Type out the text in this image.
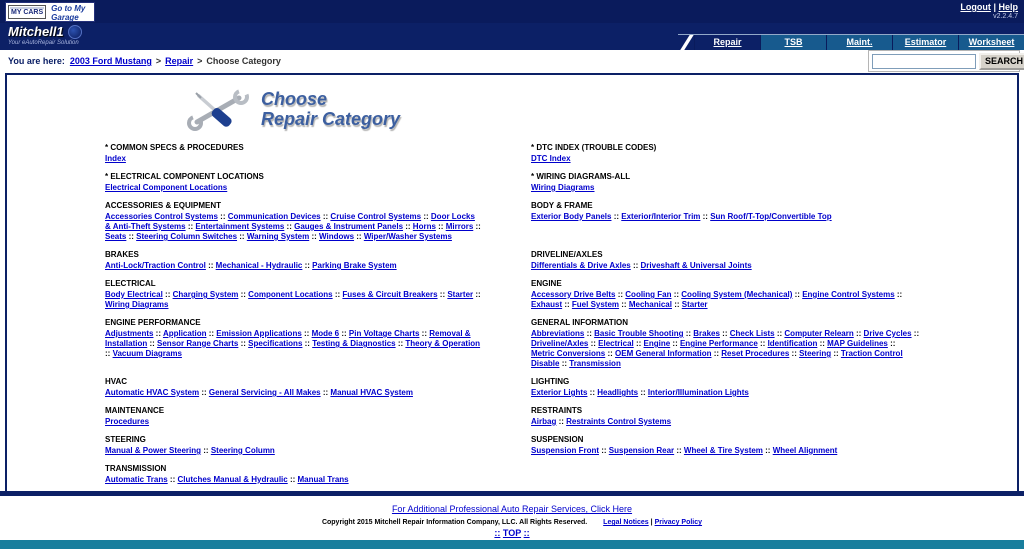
MY CARS	Go to My Garage
Logout | Help
v2.2.4.7
Mitchell1
Your eAutoRepair Solution	Repair	TSB	Maint.	Estimator	Worksheet
You are here: 2003 Ford Mustang > Repair > Choose Category	SEARCH
Choose
Repair Category
* COMMON SPECS & PROCEDURES
Index
* DTC INDEX (TROUBLE CODES)
DTC Index
* ELECTRICAL COMPONENT LOCATIONS
Electrical Component Locations
* WIRING DIAGRAMS-ALL
Wiring Diagrams
ACCESSORIES & EQUIPMENT
Accessories Control Systems :: Communication Devices :: Cruise Control Systems :: Door Locks & Anti-Theft Systems :: Entertainment Systems :: Gauges & Instrument Panels :: Horns :: Mirrors :: Seats :: Steering Column Switches :: Warning System :: Windows :: Wiper/Washer Systems
BODY & FRAME
Exterior Body Panels :: Exterior/Interior Trim :: Sun Roof/T-Top/Convertible Top
BRAKES
Anti-Lock/Traction Control :: Mechanical - Hydraulic :: Parking Brake System
DRIVELINE/AXLES
Differentials & Drive Axles :: Driveshaft & Universal Joints
ELECTRICAL
Body Electrical :: Charging System :: Component Locations :: Fuses & Circuit Breakers :: Starter :: Wiring Diagrams
ENGINE
Accessory Drive Belts :: Cooling Fan :: Cooling System (Mechanical) :: Engine Control Systems :: Exhaust :: Fuel System :: Mechanical :: Starter
ENGINE PERFORMANCE
Adjustments :: Application :: Emission Applications :: Mode 6 :: Pin Voltage Charts :: Removal & Installation :: Sensor Range Charts :: Specifications :: Testing & Diagnostics :: Theory & Operation :: Vacuum Diagrams
GENERAL INFORMATION
Abbreviations :: Basic Trouble Shooting :: Brakes :: Check Lists :: Computer Relearn :: Drive Cycles :: Driveline/Axles :: Electrical :: Engine :: Engine Performance :: Identification :: MAP Guidelines :: Metric Conversions :: OEM General Information :: Reset Procedures :: Steering :: Traction Control Disable :: Transmission
HVAC
Automatic HVAC System :: General Servicing - All Makes :: Manual HVAC System
LIGHTING
Exterior Lights :: Headlights :: Interior/Illumination Lights
MAINTENANCE
Procedures
RESTRAINTS
Airbag :: Restraints Control Systems
STEERING
Manual & Power Steering :: Steering Column
SUSPENSION
Suspension Front :: Suspension Rear :: Wheel & Tire System :: Wheel Alignment
TRANSMISSION
Automatic Trans :: Clutches Manual & Hydraulic :: Manual Trans
For Additional Professional Auto Repair Services, Click Here
Copyright 2015 Mitchell Repair Information Company, LLC. All Rights Reserved. Legal Notices | Privacy Policy
:: TOP ::
